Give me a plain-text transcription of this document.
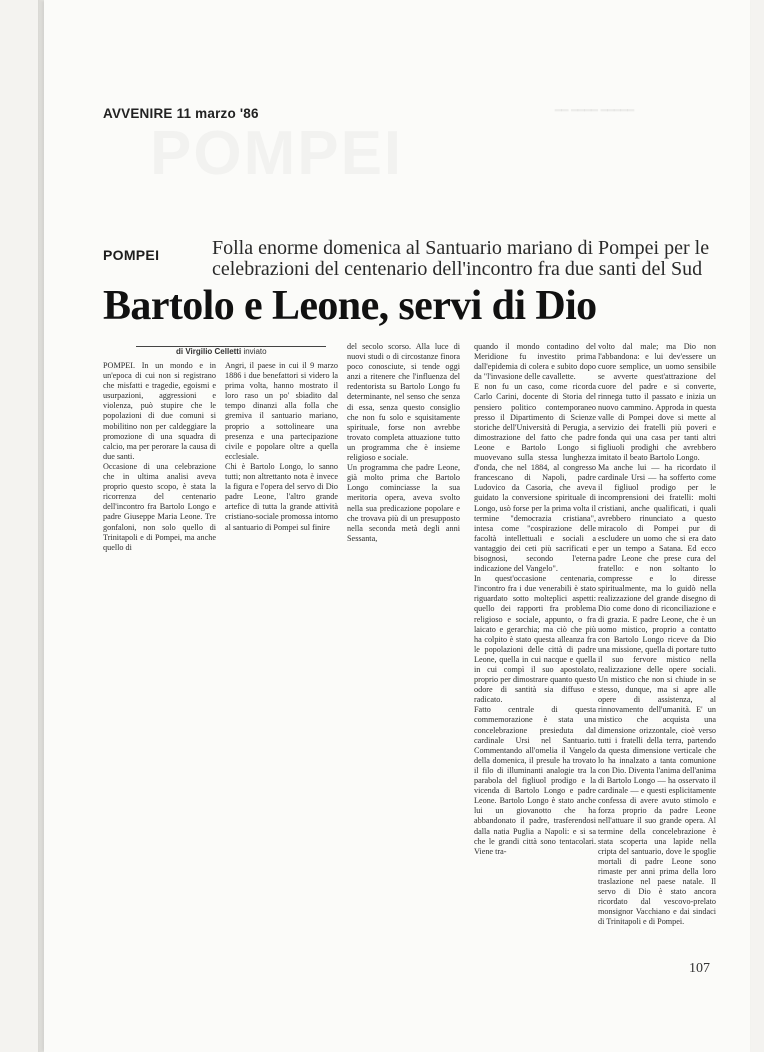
━━ ━━━━ ━━━━━
AVVENIRE 11 marzo '86
POMPEI	Folla enorme domenica al Santuario mariano di Pompei per le celebrazioni del centenario dell'incontro fra due santi del Sud
Bartolo e Leone, servi di Dio
di Virgilio Celletti inviato
POMPEI. In un mondo e in un'epoca di cui non si registrano che misfatti e tragedie, egoismi e usurpazioni, aggressioni e violenza, può stupire che le popolazioni di due comuni si mobilitino non per caldeggiare la promozione di una squadra di calcio, ma per perorare la causa di due santi.
Occasione di una celebrazione che in ultima analisi aveva proprio questo scopo, è stata la ricorrenza del centenario dell'incontro fra Bartolo Longo e padre Giuseppe Maria Leone. Tre gonfaloni, non solo quello di Trinitapoli e di Pompei, ma anche quello di
Angri, il paese in cui il 9 marzo 1886 i due benefattori si videro la prima volta, hanno mostrato il loro raso un po' sbiadito dal tempo dinanzi alla folla che gremiva il santuario mariano, proprio a sottolineare una presenza e una partecipazione civile e popolare oltre a quella ecclesiale.
Chi è Bartolo Longo, lo sanno tutti; non altrettanto nota è invece la figura e l'opera del servo di Dio padre Leone, l'altro grande artefice di tutta la grande attività cristiano-sociale promossa intorno al santuario di Pompei sul finire
del secolo scorso. Alla luce di nuovi studi o di circostanze finora poco conosciute, si tende oggi anzi a ritenere che l'influenza del redentorista su Bartolo Longo fu determinante, nel senso che senza di essa, senza questo consiglio che non fu solo e squisitamente spirituale, forse non avrebbe trovato completa attuazione tutto un programma che è insieme religioso e sociale.
Un programma che padre Leone, già molto prima che Bartolo Longo cominciasse la sua meritoria opera, aveva svolto nella sua predicazione popolare e che trovava più di un presupposto nella seconda metà degli anni Sessanta,
quando il mondo contadino del Meridione fu investito prima dall'epidemia di colera e subito dopo da "l'invasione delle cavallette.
E non fu un caso, come ricorda Carlo Carini, docente di Storia del pensiero politico contemporaneo presso il Dipartimento di Scienze storiche dell'Università di Perugia, a dimostrazione del fatto che padre Leone e Bartolo Longo si muovevano sulla stessa lunghezza d'onda, che nel 1884, al congresso francescano di Napoli, padre Ludovico da Casoria, che aveva guidato la conversione spirituale di Longo, usò forse per la prima volta il termine "democrazia cristiana", intesa come "cospirazione delle facoltà intellettuali e sociali a vantaggio dei ceti più sacrificati e bisognosi, secondo l'eterna indicazione del Vangelo".
In quest'occasione centenaria, l'incontro fra i due venerabili è stato riguardato sotto molteplici aspetti: quello dei rapporti fra problema religioso e sociale, appunto, o fra laicato e gerarchia; ma ciò che più ha colpito è stato questa alleanza fra le popolazioni delle città di padre Leone, quella in cui nacque e quella in cui compì il suo apostolato, proprio per dimostrare quanto questo odore di santità sia diffuso e radicato.
Fatto centrale di questa commemorazione è stata una concelebrazione presieduta dal cardinale Ursi nel Santuario. Commentando all'omelia il Vangelo della domenica, il presule ha trovato il filo di illuminanti analogie tra la parabola del figliuol prodigo e la vicenda di Bartolo Longo e padre Leone. Bartolo Longo è stato anche lui un giovanotto che ha abbandonato il padre, trasferendosi dalla natia Puglia a Napoli: e si sa che le grandi città sono tentacolari. Viene tra-
volto dal male; ma Dio non l'abbandona: e lui dev'essere un cuore semplice, un uomo sensibile se avverte quest'attrazione del cuore del padre e si converte, rinnega tutto il passato e inizia un nuovo cammino. Approda in questa valle di Pompei dove si mette al servizio dei fratelli più poveri e fonda qui una casa per tanti altri figliuoli prodighi che avrebbero imitato il beato Bartolo Longo.
Ma anche lui — ha ricordato il cardinale Ursi — ha sofferto come il figliuol prodigo per le incomprensioni dei fratelli: molti cristiani, anche qualificati, i quali avrebbero rinunciato a questo miracolo di Pompei pur di escludere un uomo che si era dato per un tempo a Satana. Ed ecco padre Leone che prese cura del fratello: e non soltanto lo compresse e lo diresse spiritualmente, ma lo guidò nella realizzazione del grande disegno di Dio come dono di riconciliazione e di grazia. E padre Leone, che è un uomo mistico, proprio a contatto con Bartolo Longo riceve da Dio una missione, quella di portare tutto il suo fervore mistico nella realizzazione delle opere sociali. Un mistico che non si chiude in se stesso, dunque, ma si apre alle opere di assistenza, al rinnovamento dell'umanità. E' un mistico che acquista una dimensione orizzontale, cioè verso tutti i fratelli della terra, partendo da questa dimensione verticale che lo ha innalzato a tanta comunione con Dio. Diventa l'anima dell'anima di Bartolo Longo — ha osservato il cardinale — e questi esplicitamente confessa di avere avuto stimolo e forza proprio da padre Leone nell'attuare il suo grande opera. Al termine della concelebrazione è stata scoperta una lapide nella cripta del santuario, dove le spoglie mortali di padre Leone sono rimaste per anni prima della loro traslazione nel paese natale. Il servo di Dio è stato ancora ricordato dal vescovo-prelato monsignor Vacchiano e dai sindaci di Trinitapoli e di Pompei.
107
